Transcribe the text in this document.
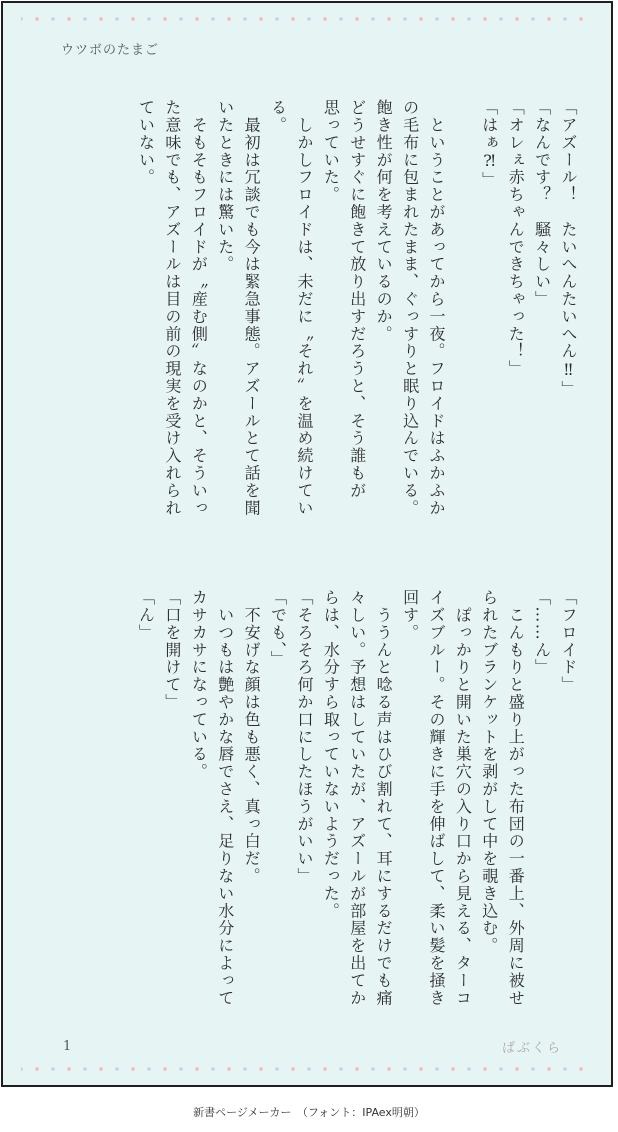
ウツボのたまご

「アズール！　たいへんたいへん‼」

「なんです？　騒々しい」

「オレぇ赤ちゃんできちゃった！」

「はぁ⁈」

　ということがあってから一夜。フロイドはふかふか

の毛布に包まれたまま、ぐっすりと眠り込んでいる。

飽き性が何を考えているのか。

どうせすぐに飽きて放り出すだろうと、そう誰もが

思っていた。

　しかしフロイドは、未だに〝それ〟を温め続けてい

る。

　最初は冗談でも今は緊急事態。アズールとて話を聞

いたときには驚いた。

　そもそもフロイドが〝産む側〟なのかと、そういっ

た意味でも、アズールは目の前の現実を受け入れられ

ていない。

「フロイド」

「……ん」

　こんもりと盛り上がった布団の一番上、外周に被せ

られたブランケットを剥がして中を覗き込む。

　ぽっかりと開いた巣穴の入り口から見える、ターコ

イズブルー。その輝きに手を伸ばして、柔い髪を掻き

回す。

　ううんと唸る声はひび割れて、耳にするだけでも痛

々しい。予想はしていたが、アズールが部屋を出てか

らは、水分すら取っていないようだった。

「そろそろ何か口にしたほうがいい」

「でも、」

　不安げな顔は色も悪く、真っ白だ。

　いつもは艶やかな唇でさえ、足りない水分によって

カサカサになっている。

「口を開けて」

「ん」

1	ぱぶくら
新書ページメーカー　（フォント：IPAex明朝）
